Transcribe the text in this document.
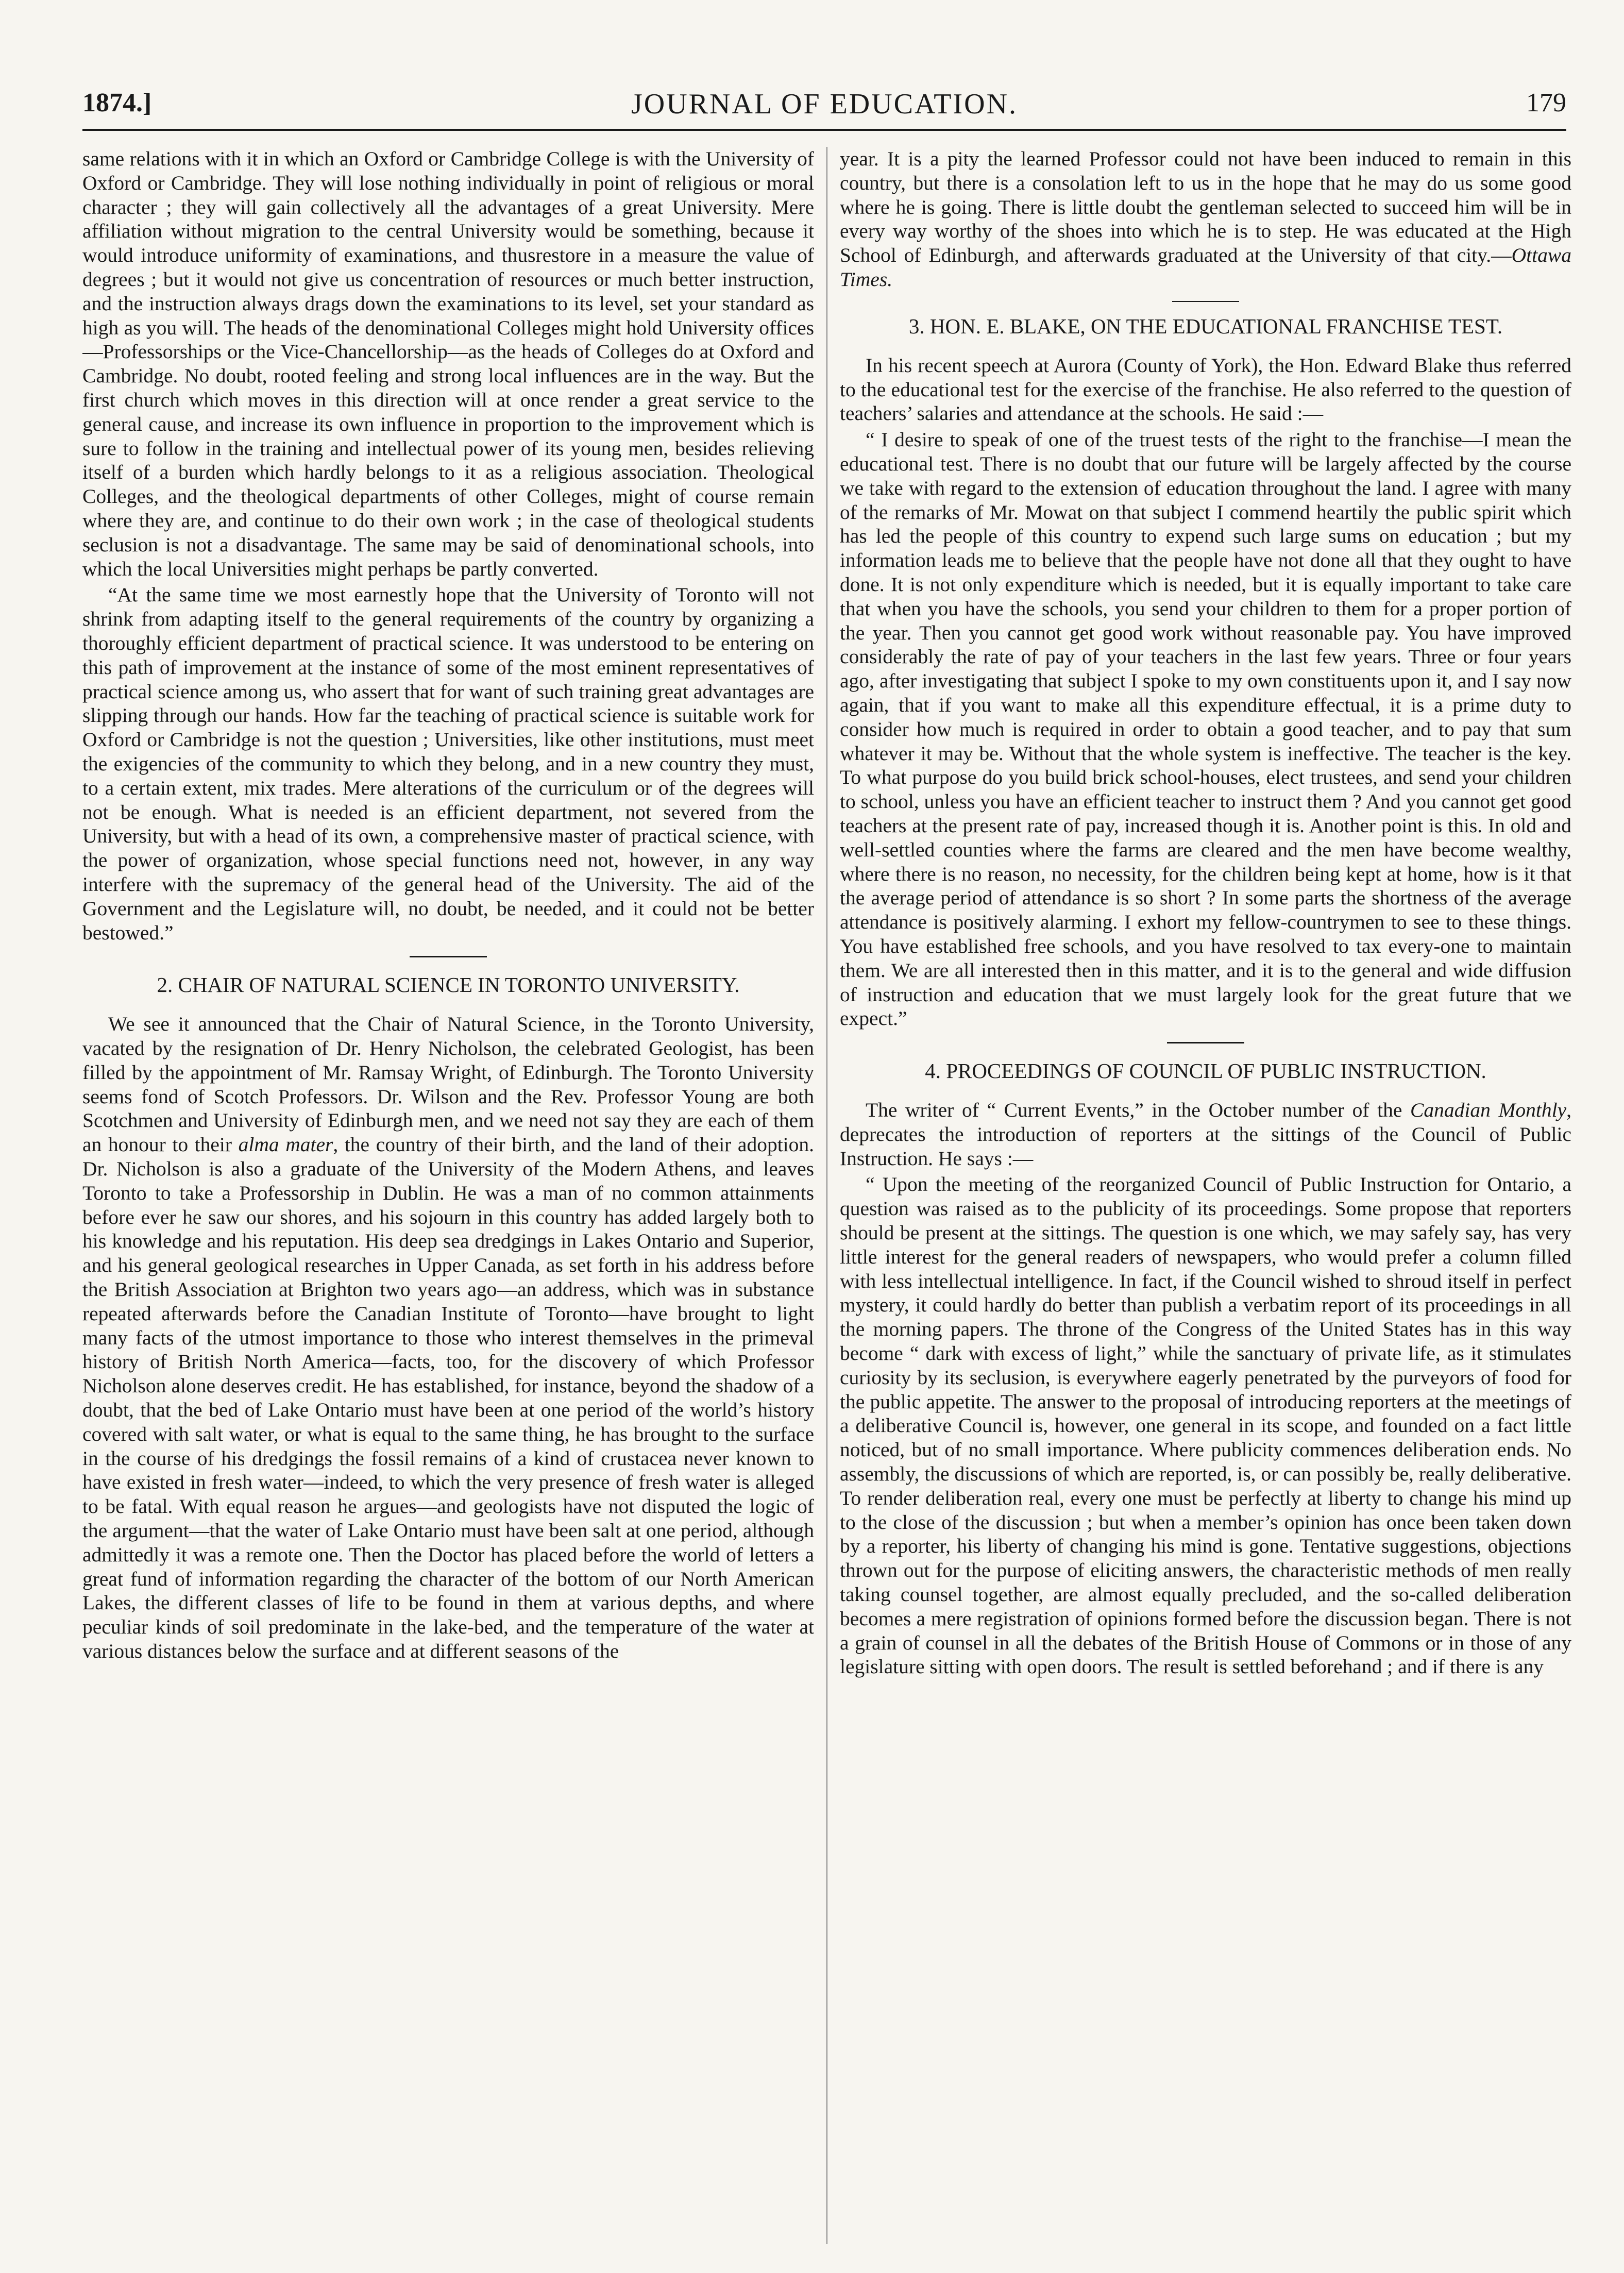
1874.]	JOURNAL OF EDUCATION.	179

same relations with it in which an Oxford or Cambridge College is with the University of Oxford or Cambridge. They will lose nothing individually in point of religious or moral character ; they will gain collectively all the advantages of a great University. Mere affiliation without migration to the central University would be something, because it would introduce uniformity of examinations, and thusrestore in a measure the value of degrees ; but it would not give us concentration of resources or much better instruction, and the instruction always drags down the examinations to its level, set your standard as high as you will. The heads of the denominational Colleges might hold University offices—Professorships or the Vice-Chancellorship—as the heads of Colleges do at Oxford and Cambridge. No doubt, rooted feeling and strong local influences are in the way. But the first church which moves in this direction will at once render a great service to the general cause, and increase its own influence in proportion to the improvement which is sure to follow in the training and intellectual power of its young men, besides relieving itself of a burden which hardly belongs to it as a religious association. Theological Colleges, and the theological departments of other Colleges, might of course remain where they are, and continue to do their own work ; in the case of theological students seclusion is not a disadvantage. The same may be said of denominational schools, into which the local Universities might perhaps be partly converted.

“At the same time we most earnestly hope that the University of Toronto will not shrink from adapting itself to the general requirements of the country by organizing a thoroughly efficient department of practical science. It was understood to be entering on this path of improvement at the instance of some of the most eminent representatives of practical science among us, who assert that for want of such training great advantages are slipping through our hands. How far the teaching of practical science is suitable work for Oxford or Cambridge is not the question ; Universities, like other institutions, must meet the exigencies of the community to which they belong, and in a new country they must, to a certain extent, mix trades. Mere alterations of the curriculum or of the degrees will not be enough. What is needed is an efficient department, not severed from the University, but with a head of its own, a comprehensive master of practical science, with the power of organization, whose special functions need not, however, in any way interfere with the supremacy of the general head of the University. The aid of the Government and the Legislature will, no doubt, be needed, and it could not be better bestowed.”

2. CHAIR OF NATURAL SCIENCE IN TORONTO UNIVERSITY.

We see it announced that the Chair of Natural Science, in the Toronto University, vacated by the resignation of Dr. Henry Nicholson, the celebrated Geologist, has been filled by the appointment of Mr. Ramsay Wright, of Edinburgh. The Toronto University seems fond of Scotch Professors. Dr. Wilson and the Rev. Professor Young are both Scotchmen and University of Edinburgh men, and we need not say they are each of them an honour to their alma mater, the country of their birth, and the land of their adoption. Dr. Nicholson is also a graduate of the University of the Modern Athens, and leaves Toronto to take a Professorship in Dublin. He was a man of no common attainments before ever he saw our shores, and his sojourn in this country has added largely both to his knowledge and his reputation. His deep sea dredgings in Lakes Ontario and Superior, and his general geological researches in Upper Canada, as set forth in his address before the British Association at Brighton two years ago—an address, which was in substance repeated afterwards before the Canadian Institute of Toronto—have brought to light many facts of the utmost importance to those who interest themselves in the primeval history of British North America—facts, too, for the discovery of which Professor Nicholson alone deserves credit. He has established, for instance, beyond the shadow of a doubt, that the bed of Lake Ontario must have been at one period of the world’s history covered with salt water, or what is equal to the same thing, he has brought to the surface in the course of his dredgings the fossil remains of a kind of crustacea never known to have existed in fresh water—indeed, to which the very presence of fresh water is alleged to be fatal. With equal reason he argues—and geologists have not disputed the logic of the argument—that the water of Lake Ontario must have been salt at one period, although admittedly it was a remote one. Then the Doctor has placed before the world of letters a great fund of information regarding the character of the bottom of our North American Lakes, the different classes of life to be found in them at various depths, and where peculiar kinds of soil predominate in the lake-bed, and the temperature of the water at various distances below the surface and at different seasons of the

year. It is a pity the learned Professor could not have been induced to remain in this country, but there is a consolation left to us in the hope that he may do us some good where he is going. There is little doubt the gentleman selected to succeed him will be in every way worthy of the shoes into which he is to step. He was educated at the High School of Edinburgh, and afterwards graduated at the University of that city.—Ottawa Times.

3. HON. E. BLAKE, ON THE EDUCATIONAL FRANCHISE TEST.

In his recent speech at Aurora (County of York), the Hon. Edward Blake thus referred to the educational test for the exercise of the franchise. He also referred to the question of teachers’ salaries and attendance at the schools. He said :—

“ I desire to speak of one of the truest tests of the right to the franchise—I mean the educational test. There is no doubt that our future will be largely affected by the course we take with regard to the extension of education throughout the land. I agree with many of the remarks of Mr. Mowat on that subject I commend heartily the public spirit which has led the people of this country to expend such large sums on education ; but my information leads me to believe that the people have not done all that they ought to have done. It is not only expenditure which is needed, but it is equally important to take care that when you have the schools, you send your children to them for a proper portion of the year. Then you cannot get good work without reasonable pay. You have improved considerably the rate of pay of your teachers in the last few years. Three or four years ago, after investigating that subject I spoke to my own constituents upon it, and I say now again, that if you want to make all this expenditure effectual, it is a prime duty to consider how much is required in order to obtain a good teacher, and to pay that sum whatever it may be. Without that the whole system is ineffective. The teacher is the key. To what purpose do you build brick school-houses, elect trustees, and send your children to school, unless you have an efficient teacher to instruct them ? And you cannot get good teachers at the present rate of pay, increased though it is. Another point is this. In old and well-settled counties where the farms are cleared and the men have become wealthy, where there is no reason, no necessity, for the children being kept at home, how is it that the average period of attendance is so short ? In some parts the shortness of the average attendance is positively alarming. I exhort my fellow-countrymen to see to these things. You have established free schools, and you have resolved to tax every-one to maintain them. We are all interested then in this matter, and it is to the general and wide diffusion of instruction and education that we must largely look for the great future that we expect.”

4. PROCEEDINGS OF COUNCIL OF PUBLIC INSTRUCTION.

The writer of “ Current Events,” in the October number of the Canadian Monthly, deprecates the introduction of reporters at the sittings of the Council of Public Instruction. He says :—

“ Upon the meeting of the reorganized Council of Public Instruction for Ontario, a question was raised as to the publicity of its proceedings. Some propose that reporters should be present at the sittings. The question is one which, we may safely say, has very little interest for the general readers of newspapers, who would prefer a column filled with less intellectual intelligence. In fact, if the Council wished to shroud itself in perfect mystery, it could hardly do better than publish a verbatim report of its proceedings in all the morning papers. The throne of the Congress of the United States has in this way become “ dark with excess of light,” while the sanctuary of private life, as it stimulates curiosity by its seclusion, is everywhere eagerly penetrated by the purveyors of food for the public appetite. The answer to the proposal of introducing reporters at the meetings of a deliberative Council is, however, one general in its scope, and founded on a fact little noticed, but of no small importance. Where publicity commences deliberation ends. No assembly, the discussions of which are reported, is, or can possibly be, really deliberative. To render deliberation real, every one must be perfectly at liberty to change his mind up to the close of the discussion ; but when a member’s opinion has once been taken down by a reporter, his liberty of changing his mind is gone. Tentative suggestions, objections thrown out for the purpose of eliciting answers, the characteristic methods of men really taking counsel together, are almost equally precluded, and the so-called deliberation becomes a mere registration of opinions formed before the discussion began. There is not a grain of counsel in all the debates of the British House of Commons or in those of any legislature sitting with open doors. The result is settled beforehand ; and if there is any
